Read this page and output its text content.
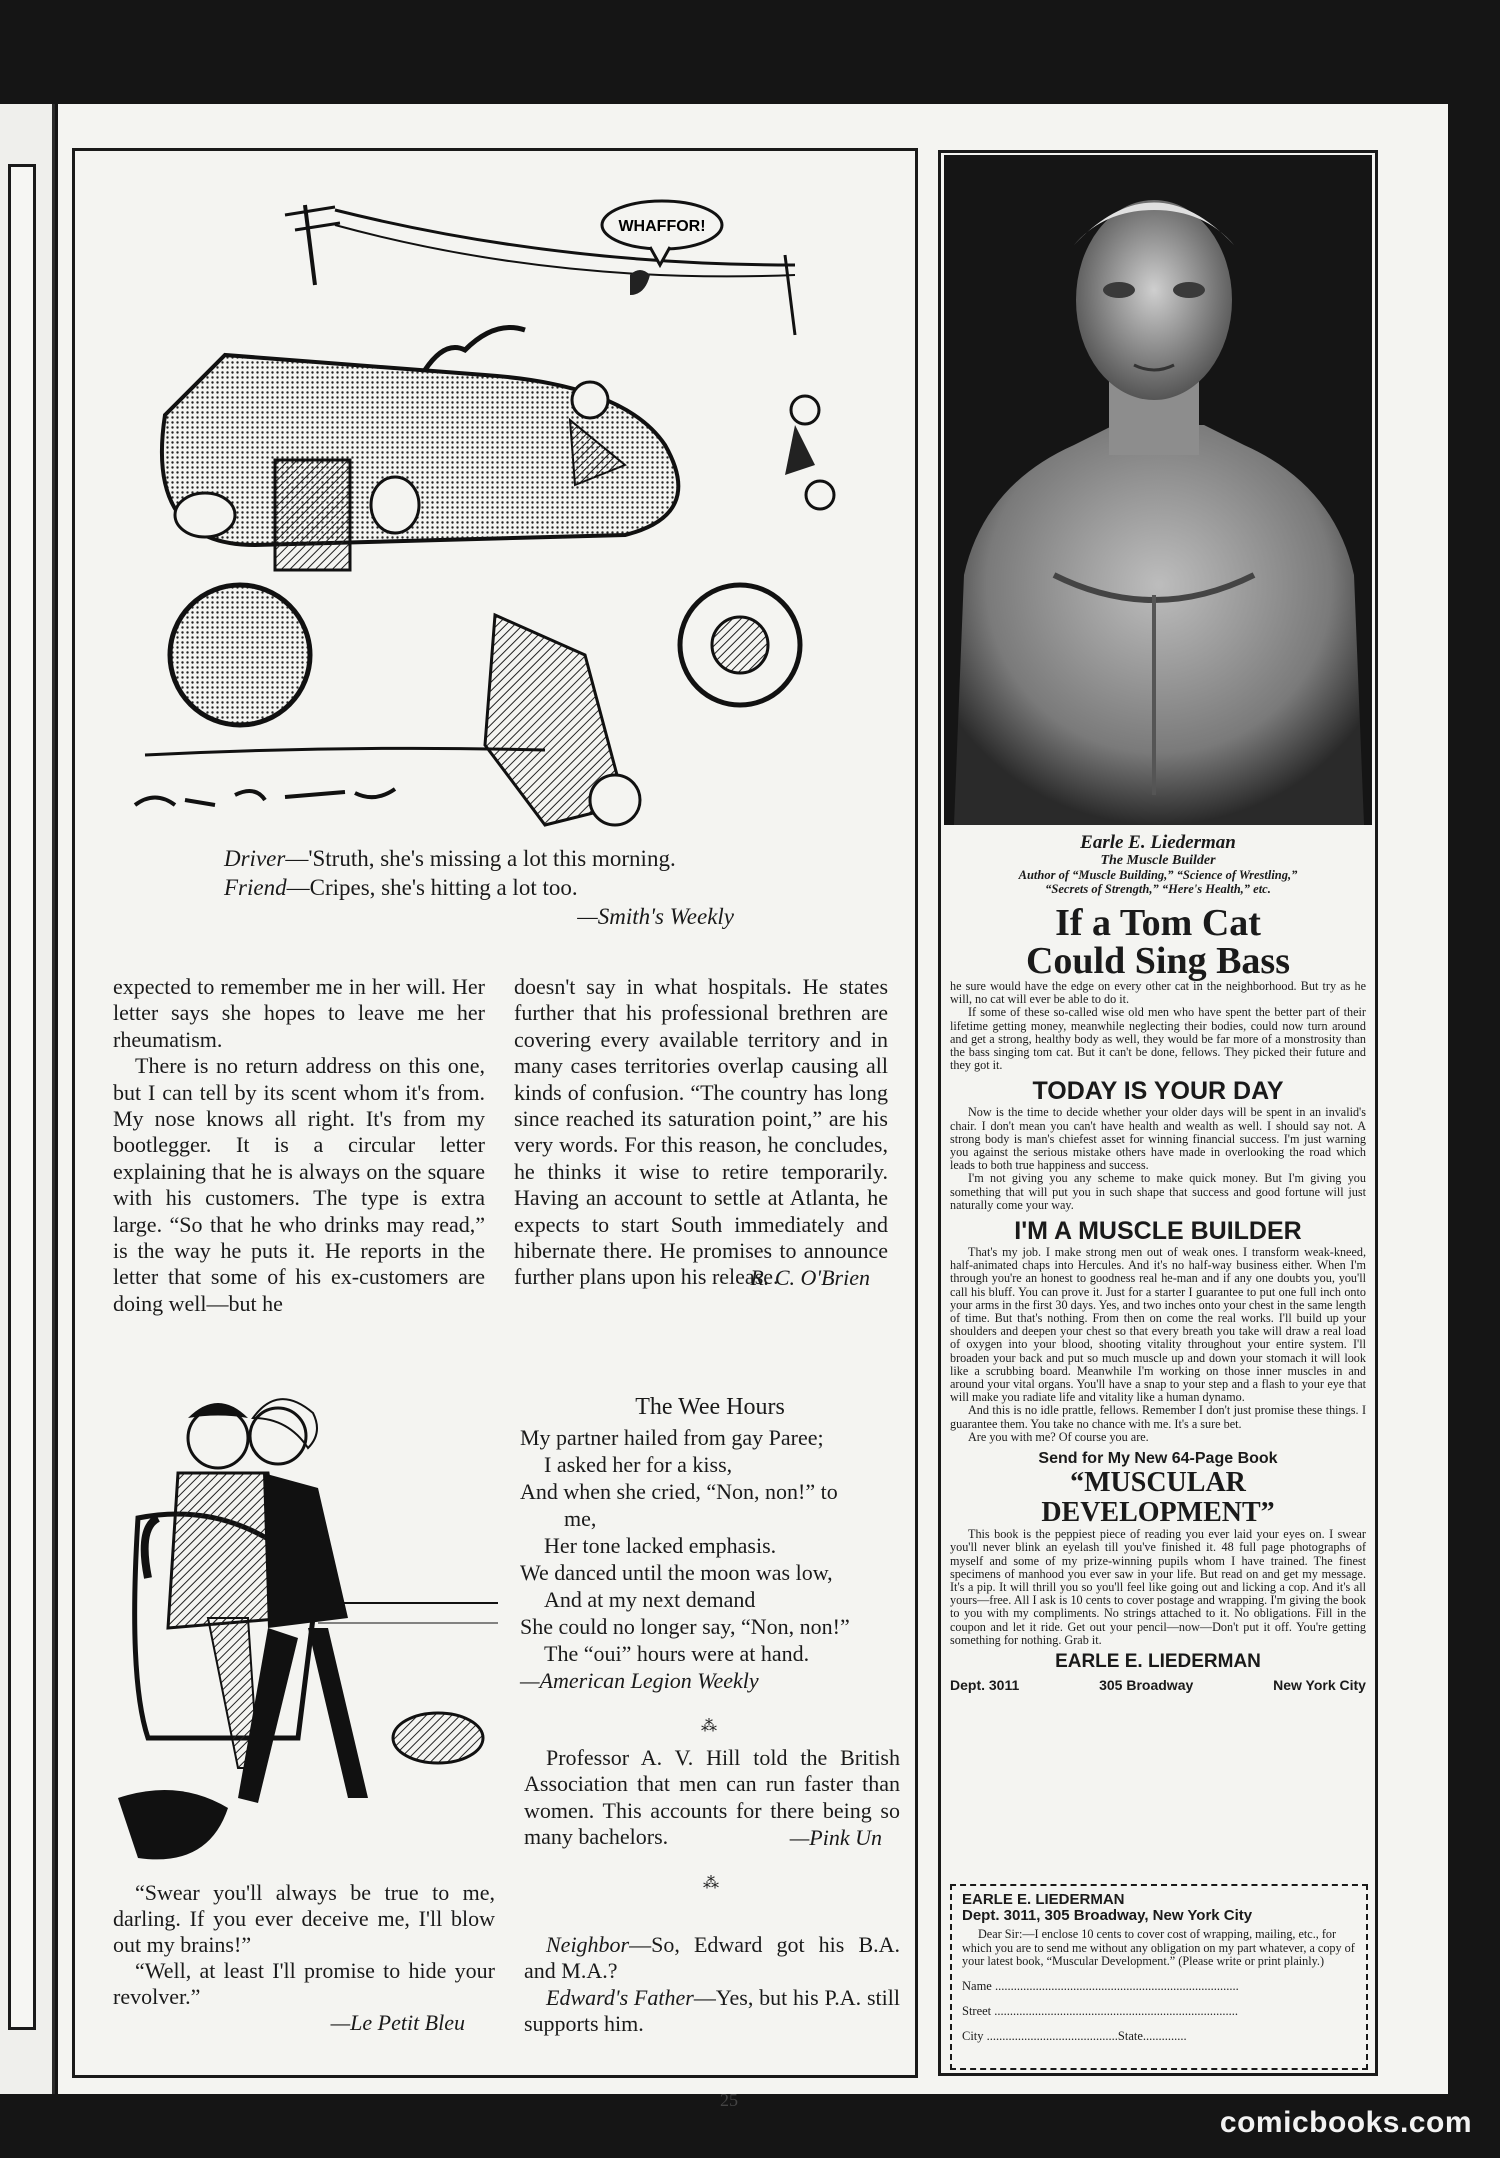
WHAFFOR!
Driver—'Struth, she's missing a lot this morning.
Friend—Cripes, she's hitting a lot too.
—Smith's Weekly

expected to remember me in her will. Her letter says she hopes to leave me her rheumatism.

There is no return address on this one, but I can tell by its scent whom it's from. My nose knows all right. It's from my bootlegger. It is a circular letter explaining that he is always on the square with his customers. The type is extra large. “So that he who drinks may read,” is the way he puts it. He reports in the letter that some of his ex-customers are doing well—but he

doesn't say in what hospitals. He states further that his professional brethren are covering every available territory and in many cases territories overlap causing all kinds of confusion. “The country has long since reached its saturation point,” are his very words. For this reason, he concludes, he thinks it wise to retire temporarily. Having an account to settle at Atlanta, he expects to start South immediately and hibernate there. He promises to announce further plans upon his release.

R. C. O'Brien

“Swear you'll always be true to me, darling. If you ever deceive me, I'll blow out my brains!”

“Well, at least I'll promise to hide your revolver.”

—Le Petit Bleu

The Wee Hours

My partner hailed from gay Paree;

I asked her for a kiss,

And when she cried, “Non, non!” to

me,

Her tone lacked emphasis.

We danced until the moon was low,

And at my next demand

She could no longer say, “Non, non!”

The “oui” hours were at hand.

—American Legion Weekly

⁂

Professor A. V. Hill told the British Association that men can run faster than women. This accounts for there being so many bachelors.	—Pink Un

⁂

Neighbor—So, Edward got his B.A. and M.A.?

Edward's Father—Yes, but his P.A. still supports him.

Earle E. Liederman
The Muscle Builder
Author of “Muscle Building,” “Science of Wrestling,”
“Secrets of Strength,” “Here's Health,” etc.
If a Tom Cat
Could Sing Bass

he sure would have the edge on every other cat in the neighborhood. But try as he will, no cat will ever be able to do it.

If some of these so-called wise old men who have spent the better part of their lifetime getting money, meanwhile neglecting their bodies, could now turn around and get a strong, healthy body as well, they would be far more of a monstrosity than the bass singing tom cat. But it can't be done, fellows. They picked their future and they got it.

TODAY IS YOUR DAY

Now is the time to decide whether your older days will be spent in an invalid's chair. I don't mean you can't have health and wealth as well. I should say not. A strong body is man's chiefest asset for winning financial success. I'm just warning you against the serious mistake others have made in overlooking the road which leads to both true happiness and success.

I'm not giving you any scheme to make quick money. But I'm giving you something that will put you in such shape that success and good fortune will just naturally come your way.

I'M A MUSCLE BUILDER

That's my job. I make strong men out of weak ones. I transform weak-kneed, half-animated chaps into Hercules. And it's no half-way business either. When I'm through you're an honest to goodness real he-man and if any one doubts you, you'll call his bluff. You can prove it. Just for a starter I guarantee to put one full inch onto your arms in the first 30 days. Yes, and two inches onto your chest in the same length of time. But that's nothing. From then on come the real works. I'll build up your shoulders and deepen your chest so that every breath you take will draw a real load of oxygen into your blood, shooting vitality throughout your entire system. I'll broaden your back and put so much muscle up and down your stomach it will look like a scrubbing board. Meanwhile I'm working on those inner muscles in and around your vital organs. You'll have a snap to your step and a flash to your eye that will make you radiate life and vitality like a human dynamo.

And this is no idle prattle, fellows. Remember I don't just promise these things. I guarantee them. You take no chance with me. It's a sure bet.

Are you with me? Of course you are.

Send for My New 64-Page Book
“MUSCULAR DEVELOPMENT”

This book is the peppiest piece of reading you ever laid your eyes on. I swear you'll never blink an eyelash till you've finished it. 48 full page photographs of myself and some of my prize-winning pupils whom I have trained. The finest specimens of manhood you ever saw in your life. But read on and get my message. It's a pip. It will thrill you so you'll feel like going out and licking a cop. And it's all yours—free. All I ask is 10 cents to cover postage and wrapping. I'm giving the book to you with my compliments. No strings attached to it. No obligations. Fill in the coupon and let it ride. Get out your pencil—now—Don't put it off. You're getting something for nothing. Grab it.

EARLE E. LIEDERMAN
Dept. 3011	305 Broadway	New York City
EARLE E. LIEDERMAN
Dept. 3011, 305 Broadway, New York City
Dear Sir:—I enclose 10 cents to cover cost of wrapping, mailing, etc., for which you are to send me without any obligation on my part whatever, a copy of your latest book, “Muscular Development.” (Please write or print plainly.)
Name ..............................................................................
Street ..............................................................................
City ..........................................State..............
25
comicbooks.com
